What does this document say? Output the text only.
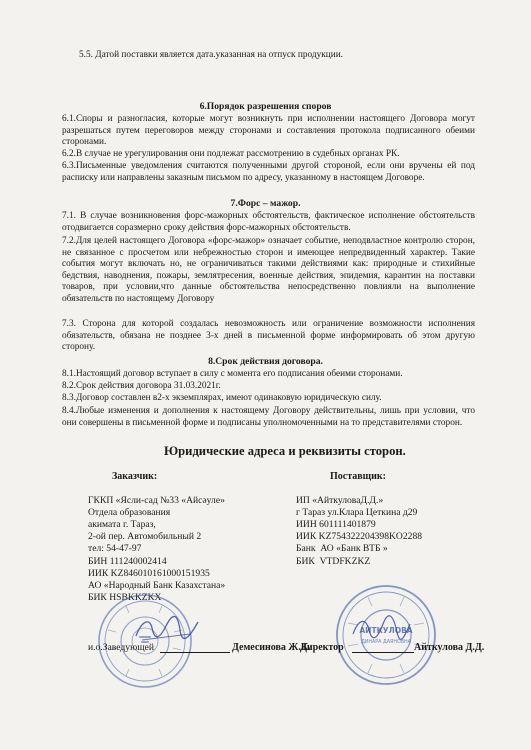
5.5. Датой поставки является дата.указанная на отпуск продукции.
6.Порядок разрешения споров
6.1.Споры и разногласия, которые могут возникнуть при исполнении настоящего Договора могут разрешаться путем переговоров между сторонами и составления протокола подписанного обеими сторонами.
6.2.В случае не урегулирования они подлежат рассмотрению в судебных органах РК.
6.3.Письменные уведомления считаются полученными другой стороной, если они вручены ей под расписку или направлены заказным письмом по адресу, указанному в настоящем Договоре.
7.Форс – мажор.
7.1. В случае возникновения форс-мажорных обстоятельств, фактическое исполнение обстоятельств отодвигается соразмерно сроку действия форс-мажорных обстоятельств.
7.2.Для целей настоящего Договора «форс-мажор» означает событие, неподвластное контролю сторон, не связанное с просчетом или небрежностью сторон и имеющее непредвиденный характер. Такие события могут включать но, не ограничиваться такими действиями как: природные и стихийные бедствия, наводнения, пожары, землятресения, военные действия, эпидемия, карантин на поставки товаров, при условии,что данные обстоятельства непосредственно повлияли на выполнение обязательств по настоящему Договору
7.3. Сторона для которой создалась невозможность или ограничение возможности исполнения обязательств, обязана не позднее 3-х дней в письменной форме информировать об этом другую сторону.
8.Срок действия договора.
8.1.Настоящий договор вступает в силу с момента его подписания обеими сторонами.
8.2.Срок действия договора 31.03.2021г.
8.3.Договор составлен в2-х экземплярах, имеют одинаковую юридическую силу.
8.4.Любые изменения и дополнения к настоящему Договору действительны, лишь при условии, что они совершены в письменной форме и подписаны уполномоченными на то представителями сторон.
Юридические адреса и реквизиты сторон.
Заказчик:	Поставщик:
ГККП «Ясли-сад №33 «Айсәуле»
Отдела образования
акимата г. Тараз,
2-ой пер. Автомобильный 2
тел: 54-47-97
БИН 111240002414
ИИК KZ846010161000151935
АО «Народный Банк Казахстана»
БИК HSBKKZKX
ИП «АйткуловаД.Д.»
г Тараз ул.Клара Цеткина д29
ИИН 601111401879
ИИК KZ754322204398KO2288
Банк  АО «Банк ВТБ »
БИК  VTDFKZKZ
АЙТКУЛОВА
ДИНАРА ДАЯНОВНА
и.о.Заведующей	Демесинова Ж.К.
Директор	Айткулова Д.Д.
